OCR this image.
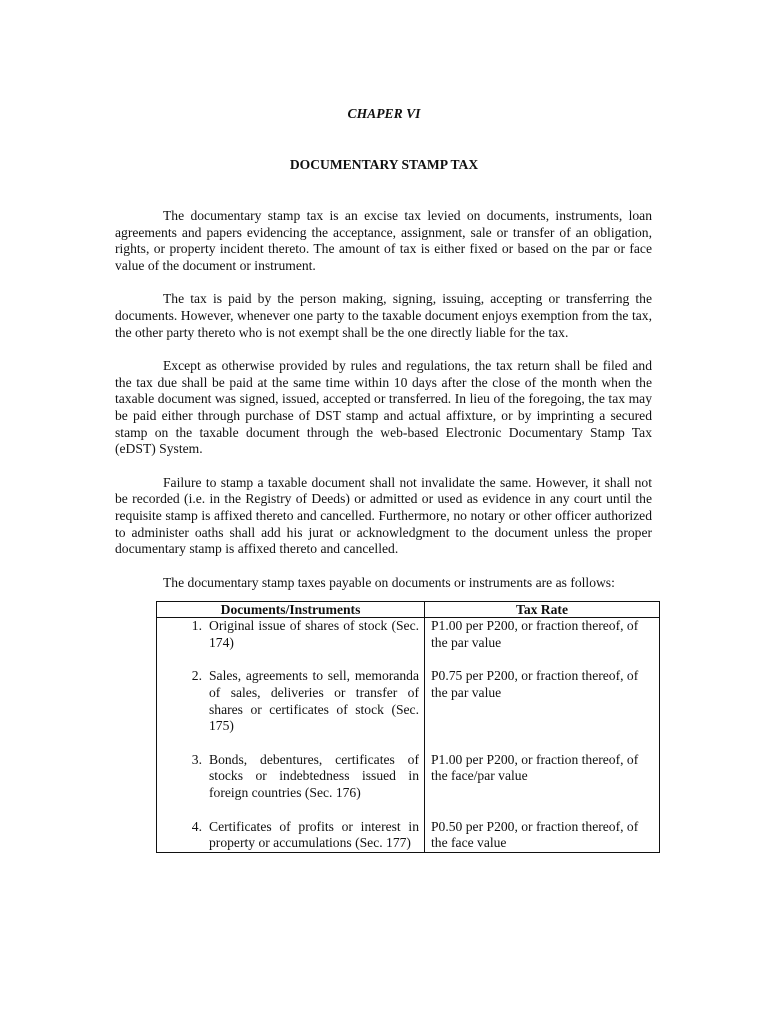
CHAPER VI
DOCUMENTARY STAMP TAX

The documentary stamp tax is an excise tax levied on documents, instruments, loan agreements and papers evidencing the acceptance, assignment, sale or transfer of an obligation, rights, or property incident thereto. The amount of tax is either fixed or based on the par or face value of the document or instrument.

The tax is paid by the person making, signing, issuing, accepting or transferring the documents. However, whenever one party to the taxable document enjoys exemption from the tax, the other party thereto who is not exempt shall be the one directly liable for the tax.

Except as otherwise provided by rules and regulations, the tax return shall be filed and the tax due shall be paid at the same time within 10 days after the close of the month when the taxable document was signed, issued, accepted or transferred. In lieu of the foregoing, the tax may be paid either through purchase of DST stamp and actual affixture, or by imprinting a secured stamp on the taxable document through the web-based Electronic Documentary Stamp Tax (eDST) System.

Failure to stamp a taxable document shall not invalidate the same. However, it shall not be recorded (i.e. in the Registry of Deeds) or admitted or used as evidence in any court until the requisite stamp is affixed thereto and cancelled. Furthermore, no notary or other officer authorized to administer oaths shall add his jurat or acknowledgment to the document unless the proper documentary stamp is affixed thereto and cancelled.

The documentary stamp taxes payable on documents or instruments are as follows:

Documents/Instruments	Tax Rate

1. Original issue of shares of stock (Sec. 174)	P1.00 per P200, or fraction thereof, of the par value

2. Sales, agreements to sell, memoranda of sales, deliveries or transfer of shares or certificates of stock (Sec. 175)	P0.75 per P200, or fraction thereof, of the par value

3. Bonds, debentures, certificates of stocks or indebtedness issued in foreign countries (Sec. 176)	P1.00 per P200, or fraction thereof, of the face/par value

4. Certificates of profits or interest in property or accumulations (Sec. 177)	P0.50 per P200, or fraction thereof, of the face value
